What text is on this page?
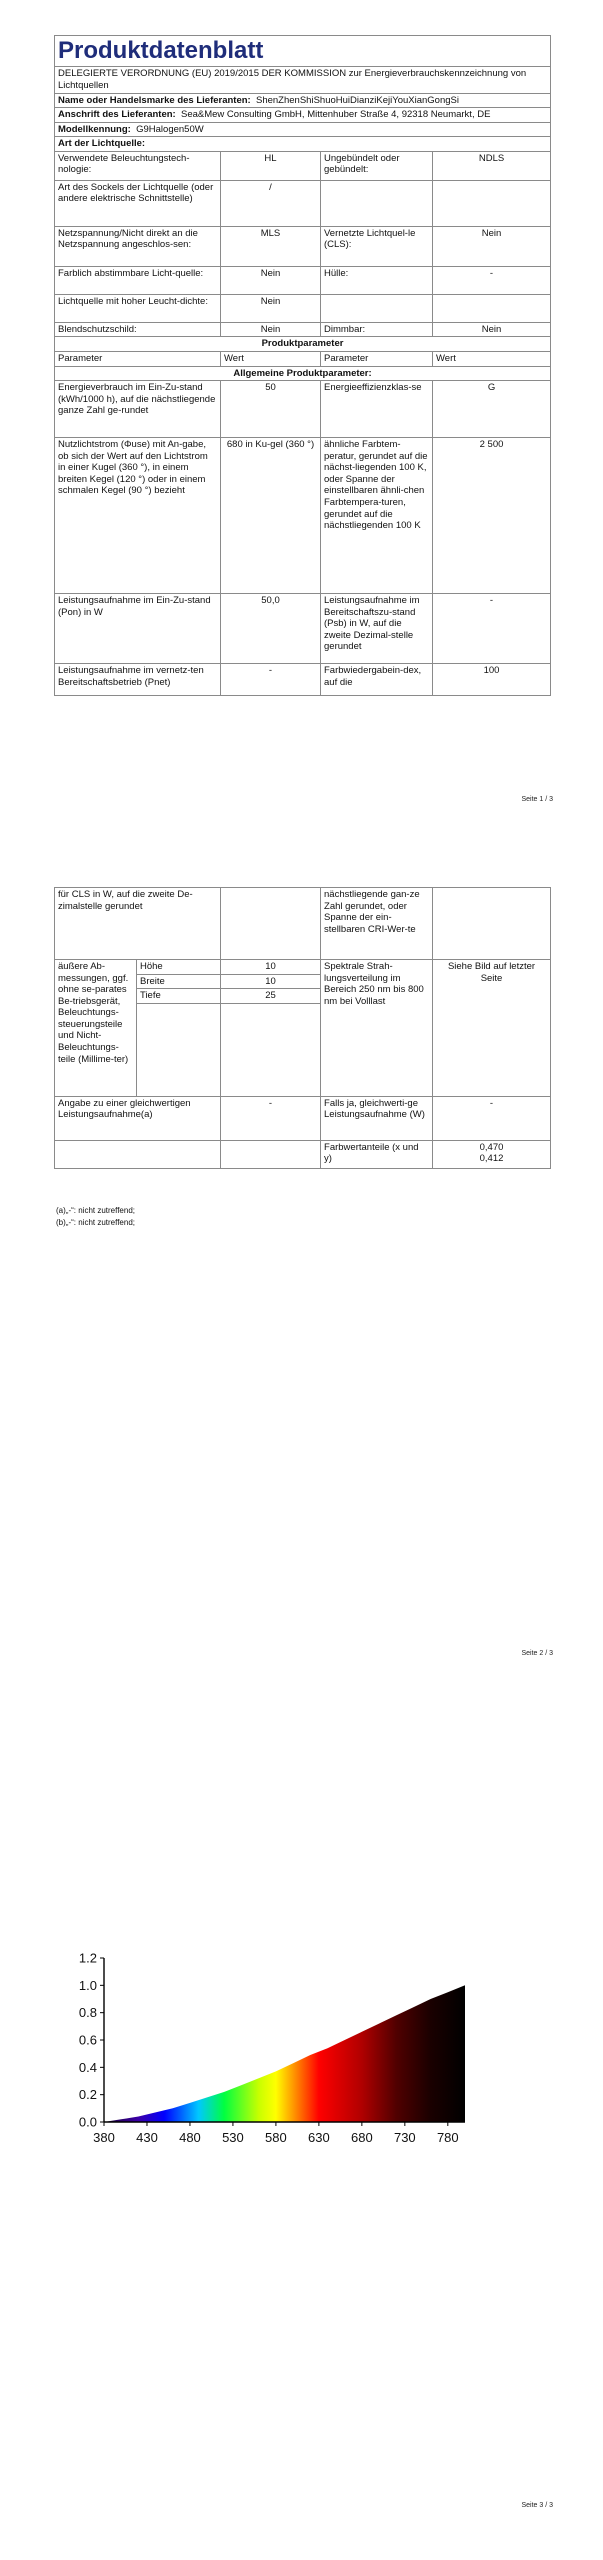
Produktdatenblatt			
DELEGIERTE VERORDNUNG (EU) 2019/2015 DER KOMMISSION zur Energieverbrauchskennzeichnung von Lichtquellen			
Name oder Handelsmarke des Lieferanten: ShenZhenShiShuoHuiDianziKejiYouXianGongSi			
Anschrift des Lieferanten: Sea&Mew Consulting GmbH, Mittenhuber Straße 4, 92318 Neumarkt, DE			
Modellkennung: G9Halogen50W			
Art der Lichtquelle:			
Verwendete Beleuchtungstech-nologie:	HL	Ungebündelt oder gebündelt:	NDLS
Art des Sockels der Lichtquelle (oder andere elektrische Schnittstelle)	/		
Netzspannung/Nicht direkt an die Netzspannung angeschlos-sen:	MLS	Vernetzte Lichtquel-le (CLS):	Nein
Farblich abstimmbare Licht-quelle:	Nein	Hülle:	-
Lichtquelle mit hoher Leucht-dichte:	Nein		
Blendschutzschild:	Nein	Dimmbar:	Nein
Produktparameter			
Parameter	Wert	Parameter	Wert
Allgemeine Produktparameter:			
Energieverbrauch im Ein-Zu-stand (kWh/1000 h), auf die nächstliegende ganze Zahl ge-rundet	50	Energieeffizienzklas-se	G
Nutzlichtstrom (Φuse) mit An-gabe, ob sich der Wert auf den Lichtstrom in einer Kugel (360 °), in einem breiten Kegel (120 °) oder in einem schmalen Kegel (90 °) bezieht	680 in Ku-gel (360 °)	ähnliche Farbtem-peratur, gerundet auf die nächst-liegenden 100 K, oder Spanne der einstellbaren ähnli-chen Farbtempera-turen, gerundet auf die nächstliegenden 100 K	2 500
Leistungsaufnahme im Ein-Zu-stand (Pon) in W	50,0	Leistungsaufnahme im Bereitschaftszu-stand (Psb) in W, auf die zweite Dezimal-stelle gerundet	-
Leistungsaufnahme im vernetz-ten Bereitschaftsbetrieb (Pnet)	-	Farbwiedergabein-dex, auf die	100
Seite 1 / 3
für CLS in W, auf die zweite De-zimalstelle gerundet			nächstliegende gan-ze Zahl gerundet, oder Spanne der ein-stellbaren CRI-Wer-te	
äußere Ab-messungen, ggf. ohne se-parates Be-triebsgerät, Beleuchtungs-steuerungsteile und Nicht-Beleuchtungs-teile (Millime-ter)	Höhe	10	Spektrale Strah-lungsverteilung im Bereich 250 nm bis 800 nm bei Volllast	Siehe Bild auf letzter Seite
	Breite	10		
	Tiefe	25		

Angabe zu einer gleichwertigen Leistungsaufnahme(a)		-	Falls ja, gleichwerti-ge Leistungsaufnahme (W)	-
			Farbwertanteile (x und y)	0,470
0,412
(a)„-“: nicht zutreffend;
(b)„-“: nicht zutreffend;
Seite 2 / 3
0.0
0.2
0.4
0.6
0.8
1.0
1.2
380 430 480 530 580 630 680 730 780
Seite 3 / 3
